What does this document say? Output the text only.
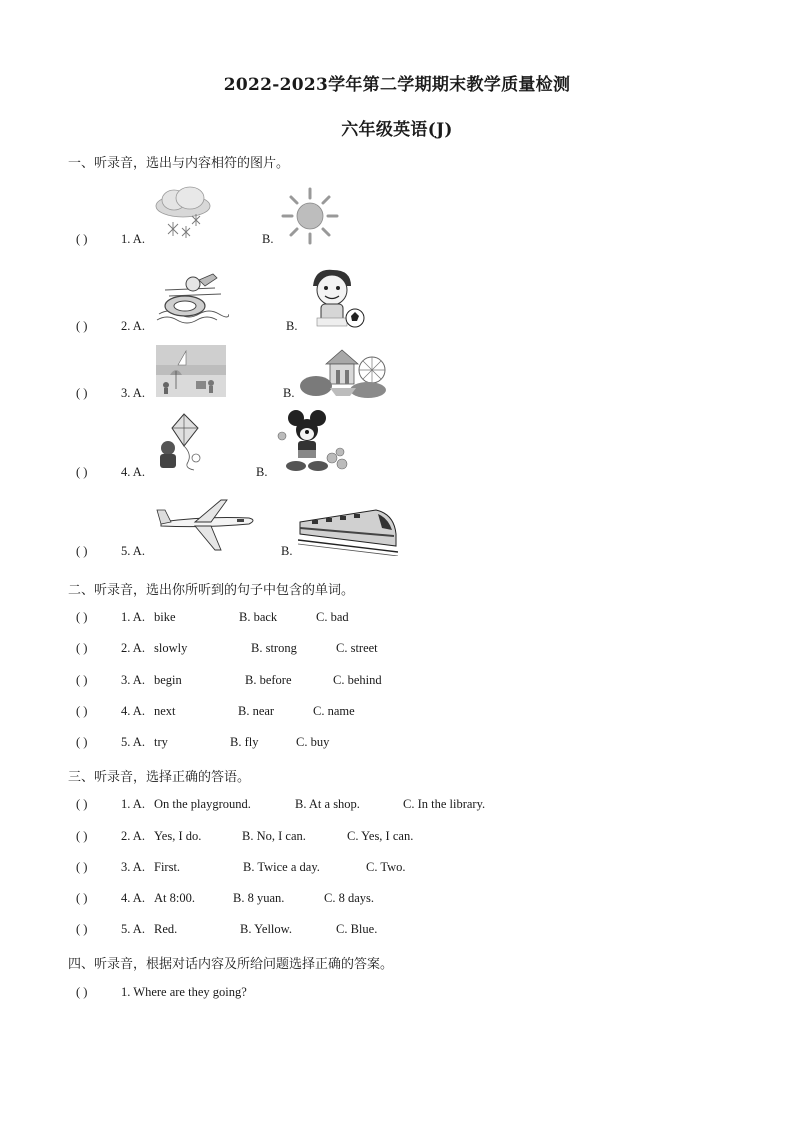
2022-2023学年第二学期期末教学质量检测
六年级英语(J)
一、听录音，选出与内容相符的图片。
( )	1. A.	B.
( )	2. A.	B.
( )	3. A.	B.
( )	4. A.	B.
( )	5. A.	B.
二、听录音，选出你所听到的句子中包含的单词。
( )	1. A. bike	B. back	C. bad
( )	2. A. slowly	B. strong	C. street
( )	3. A. begin	B. before	C. behind
( )	4. A. next	B. near	C. name
( )	5. A. try	B. fly	C. buy
三、听录音，选择正确的答语。
( )	1. A. On the playground.	B. At a shop.	C. In the library.
( )	2. A. Yes, I do.	B. No, I can.	C. Yes, I can.
( )	3. A. First.	B. Twice a day.	C. Two.
( )	4. A. At 8:00.	B. 8 yuan.	C. 8 days.
( )	5. A. Red.	B. Yellow.	C. Blue.
四、听录音，根据对话内容及所给问题选择正确的答案。
( )	1. Where are they going?
